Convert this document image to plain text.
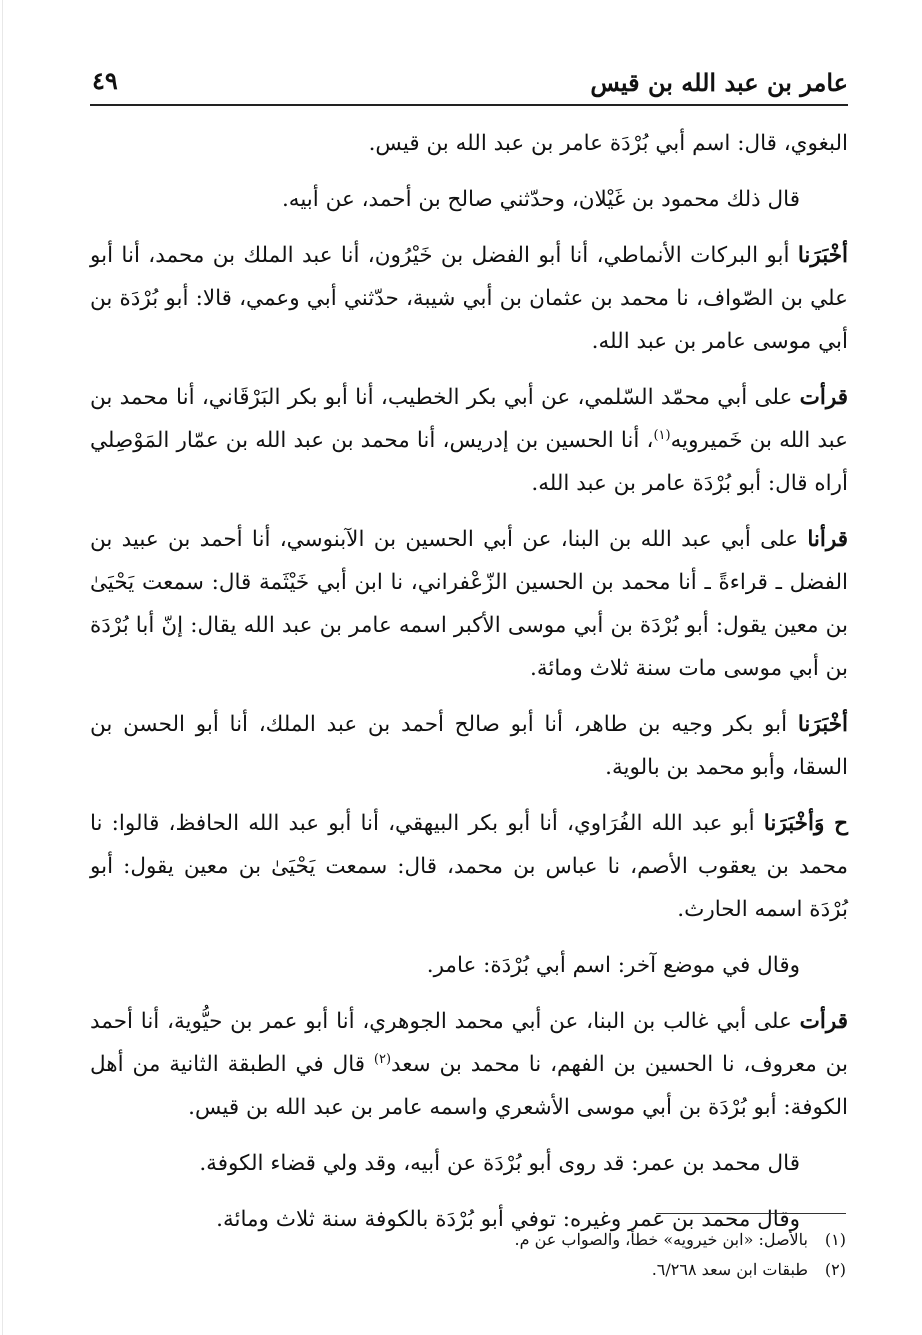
عامر بن عبد الله بن قيس
٤٩

البغوي، قال: اسم أبي بُرْدَة عامر بن عبد الله بن قيس.

قال ذلك محمود بن غَيْلان، وحدّثني صالح بن أحمد، عن أبيه.

أخْبَرَنا أبو البركات الأنماطي، أنا أبو الفضل بن خَيْرُون، أنا عبد الملك بن محمد، أنا أبو علي بن الصّواف، نا محمد بن عثمان بن أبي شيبة، حدّثني أبي وعمي، قالا: أبو بُرْدَة بن أبي موسى عامر بن عبد الله.

قرأت على أبي محمّد السّلمي، عن أبي بكر الخطيب، أنا أبو بكر البَرْقَاني، أنا محمد بن عبد الله بن خَميرويه$^{(١)}$، أنا الحسين بن إدريس، أنا محمد بن عبد الله بن عمّار المَوْصِلي أراه قال: أبو بُرْدَة عامر بن عبد الله.

قرأنا على أبي عبد الله بن البنا، عن أبي الحسين بن الآبنوسي، أنا أحمد بن عبيد بن الفضل ـ قراءةً ـ أنا محمد بن الحسين الزّعْفراني، نا ابن أبي خَيْثَمة قال: سمعت يَحْيَىٰ بن معين يقول: أبو بُرْدَة بن أبي موسى الأكبر اسمه عامر بن عبد الله يقال: إنّ أبا بُرْدَة بن أبي موسى مات سنة ثلاث ومائة.

أخْبَرَنا أبو بكر وجيه بن طاهر، أنا أبو صالح أحمد بن عبد الملك، أنا أبو الحسن بن السقا، وأبو محمد بن بالوية.

ح وَأخْبَرَنا أبو عبد الله الفُرَاوي، أنا أبو بكر البيهقي، أنا أبو عبد الله الحافظ، قالوا: نا محمد بن يعقوب الأصم، نا عباس بن محمد، قال: سمعت يَحْيَىٰ بن معين يقول: أبو بُرْدَة اسمه الحارث.

وقال في موضع آخر: اسم أبي بُرْدَة: عامر.

قرأت على أبي غالب بن البنا، عن أبي محمد الجوهري، أنا أبو عمر بن حيُّوية، أنا أحمد بن معروف، نا الحسين بن الفهم، نا محمد بن سعد$^{(٢)}$ قال في الطبقة الثانية من أهل الكوفة: أبو بُرْدَة بن أبي موسى الأشعري واسمه عامر بن عبد الله بن قيس.

قال محمد بن عمر: قد روى أبو بُرْدَة عن أبيه، وقد ولي قضاء الكوفة.

وقال محمد بن عمر وغيره: توفي أبو بُرْدَة بالكوفة سنة ثلاث ومائة.

(١)بالأصل: «ابن خيرويه» خطأ، والصواب عن م.

(٢)طبقات ابن سعد ٦/٢٦٨.
